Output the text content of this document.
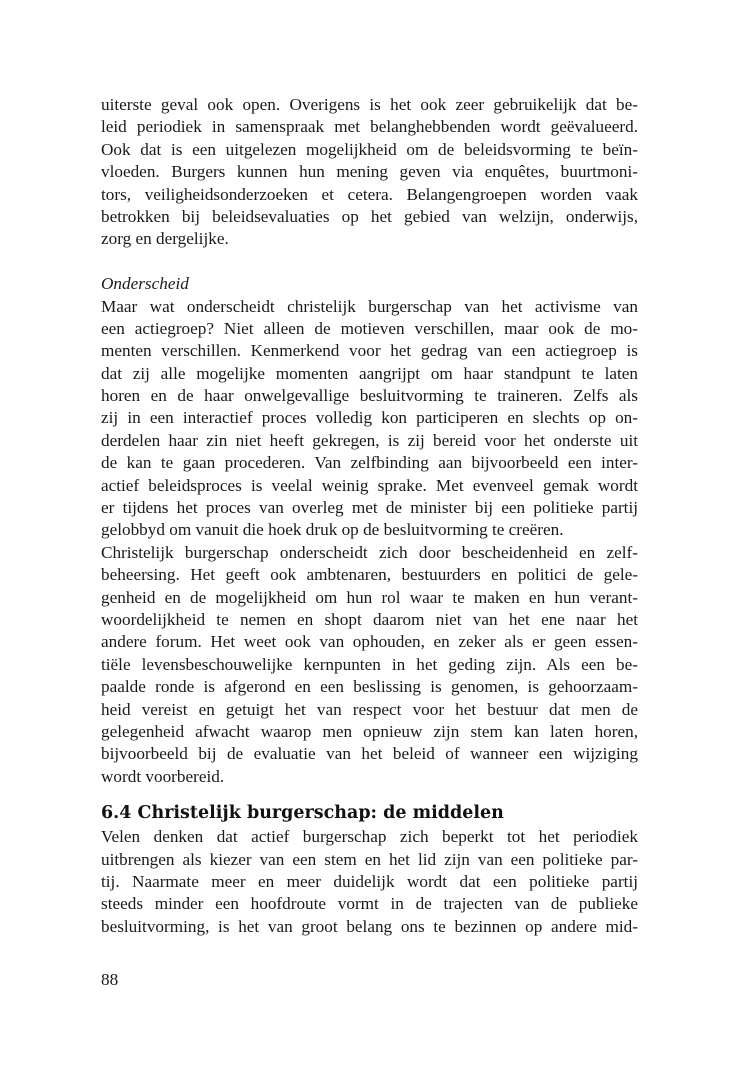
uiterste geval ook open. Overigens is het ook zeer gebruikelijk dat be-
leid periodiek in samenspraak met belanghebbenden wordt geëvalueerd.
Ook dat is een uitgelezen mogelijkheid om de beleidsvorming te beïn-
vloeden. Burgers kunnen hun mening geven via enquêtes, buurtmoni-
tors, veiligheidsonderzoeken et cetera. Belangengroepen worden vaak
betrokken bij beleidsevaluaties op het gebied van welzijn, onderwijs,
zorg en dergelijke.
Onderscheid
Maar wat onderscheidt christelijk burgerschap van het activisme van
een actiegroep? Niet alleen de motieven verschillen, maar ook de mo-
menten verschillen. Kenmerkend voor het gedrag van een actiegroep is
dat zij alle mogelijke momenten aangrijpt om haar standpunt te laten
horen en de haar onwelgevallige besluitvorming te traineren. Zelfs als
zij in een interactief proces volledig kon participeren en slechts op on-
derdelen haar zin niet heeft gekregen, is zij bereid voor het onderste uit
de kan te gaan procederen. Van zelfbinding aan bijvoorbeeld een inter-
actief beleidsproces is veelal weinig sprake. Met evenveel gemak wordt
er tijdens het proces van overleg met de minister bij een politieke partij
gelobbyd om vanuit die hoek druk op de besluitvorming te creëren.
Christelijk burgerschap onderscheidt zich door bescheidenheid en zelf-
beheersing. Het geeft ook ambtenaren, bestuurders en politici de gele-
genheid en de mogelijkheid om hun rol waar te maken en hun verant-
woordelijkheid te nemen en shopt daarom niet van het ene naar het
andere forum. Het weet ook van ophouden, en zeker als er geen essen-
tiële levensbeschouwelijke kernpunten in het geding zijn. Als een be-
paalde ronde is afgerond en een beslissing is genomen, is gehoorzaam-
heid vereist en getuigt het van respect voor het bestuur dat men de
gelegenheid afwacht waarop men opnieuw zijn stem kan laten horen,
bijvoorbeeld bij de evaluatie van het beleid of wanneer een wijziging
wordt voorbereid.
6.4 Christelijk burgerschap: de middelen
Velen denken dat actief burgerschap zich beperkt tot het periodiek
uitbrengen als kiezer van een stem en het lid zijn van een politieke par-
tij. Naarmate meer en meer duidelijk wordt dat een politieke partij
steeds minder een hoofdroute vormt in de trajecten van de publieke
besluitvorming, is het van groot belang ons te bezinnen op andere mid-
88
